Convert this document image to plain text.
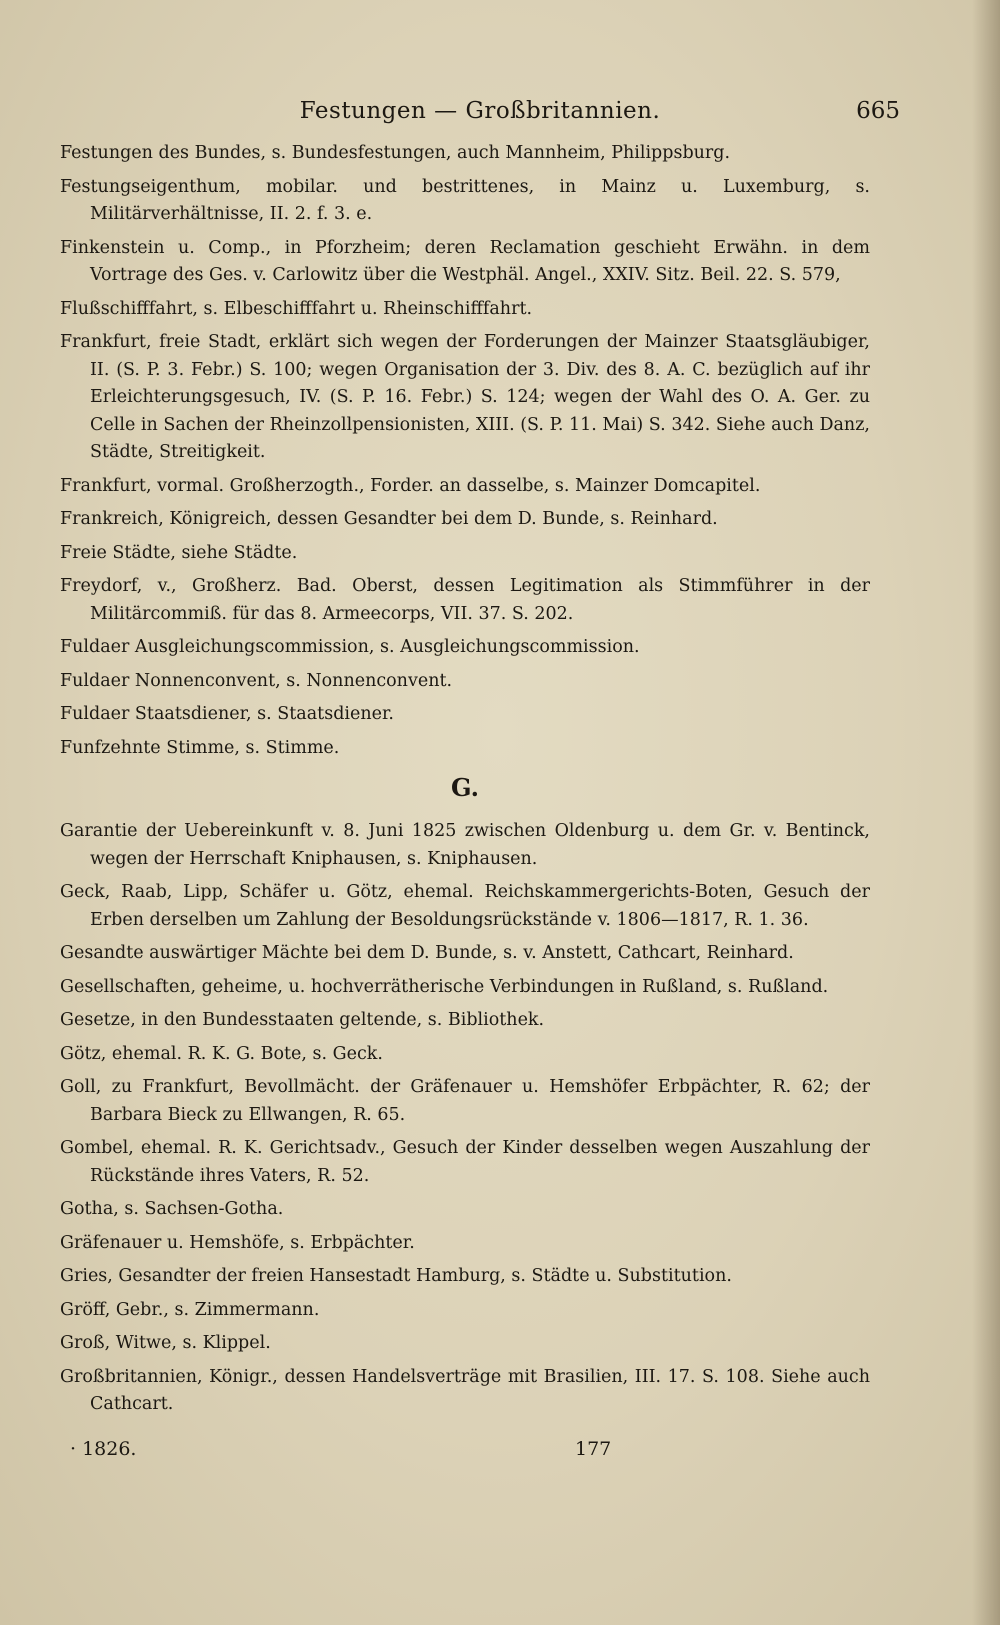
Festungen — Großbritannien.	665

Festungen des Bundes, s. Bundesfestungen, auch Mannheim, Philippsburg.

Festungseigenthum, mobilar. und bestrittenes, in Mainz u. Luxemburg, s. Militärverhältnisse, II. 2. f. 3. e.

Finkenstein u. Comp., in Pforzheim; deren Reclamation geschieht Erwähn. in dem Vortrage des Ges. v. Carlowitz über die Westphäl. Angel., XXIV. Sitz. Beil. 22. S. 579,

Flußschifffahrt, s. Elbeschifffahrt u. Rheinschifffahrt.

Frankfurt, freie Stadt, erklärt sich wegen der Forderungen der Mainzer Staatsgläubiger, II. (S. P. 3. Febr.) S. 100; wegen Organisation der 3. Div. des 8. A. C. bezüglich auf ihr Erleichterungsgesuch, IV. (S. P. 16. Febr.) S. 124; wegen der Wahl des O. A. Ger. zu Celle in Sachen der Rheinzollpensionisten, XIII. (S. P. 11. Mai) S. 342. Siehe auch Danz, Städte, Streitigkeit.

Frankfurt, vormal. Großherzogth., Forder. an dasselbe, s. Mainzer Domcapitel.

Frankreich, Königreich, dessen Gesandter bei dem D. Bunde, s. Reinhard.

Freie Städte, siehe Städte.

Freydorf, v., Großherz. Bad. Oberst, dessen Legitimation als Stimmführer in der Militärcommiß. für das 8. Armeecorps, VII. 37. S. 202.

Fuldaer Ausgleichungscommission, s. Ausgleichungscommission.

Fuldaer Nonnenconvent, s. Nonnenconvent.

Fuldaer Staatsdiener, s. Staatsdiener.

Funfzehnte Stimme, s. Stimme.

G.

Garantie der Uebereinkunft v. 8. Juni 1825 zwischen Oldenburg u. dem Gr. v. Bentinck, wegen der Herrschaft Kniphausen, s. Kniphausen.

Geck, Raab, Lipp, Schäfer u. Götz, ehemal. Reichskammergerichts-Boten, Gesuch der Erben derselben um Zahlung der Besoldungsrückstände v. 1806—1817, R. 1. 36.

Gesandte auswärtiger Mächte bei dem D. Bunde, s. v. Anstett, Cathcart, Reinhard.

Gesellschaften, geheime, u. hochverrätherische Verbindungen in Rußland, s. Rußland.

Gesetze, in den Bundesstaaten geltende, s. Bibliothek.

Götz, ehemal. R. K. G. Bote, s. Geck.

Goll, zu Frankfurt, Bevollmächt. der Gräfenauer u. Hemshöfer Erbpächter, R. 62; der Barbara Bieck zu Ellwangen, R. 65.

Gombel, ehemal. R. K. Gerichtsadv., Gesuch der Kinder desselben wegen Auszahlung der Rückstände ihres Vaters, R. 52.

Gotha, s. Sachsen-Gotha.

Gräfenauer u. Hemshöfe, s. Erbpächter.

Gries, Gesandter der freien Hansestadt Hamburg, s. Städte u. Substitution.

Gröff, Gebr., s. Zimmermann.

Groß, Witwe, s. Klippel.

Großbritannien, Königr., dessen Handelsverträge mit Brasilien, III. 17. S. 108. Siehe auch Cathcart.

· 1826.	177
